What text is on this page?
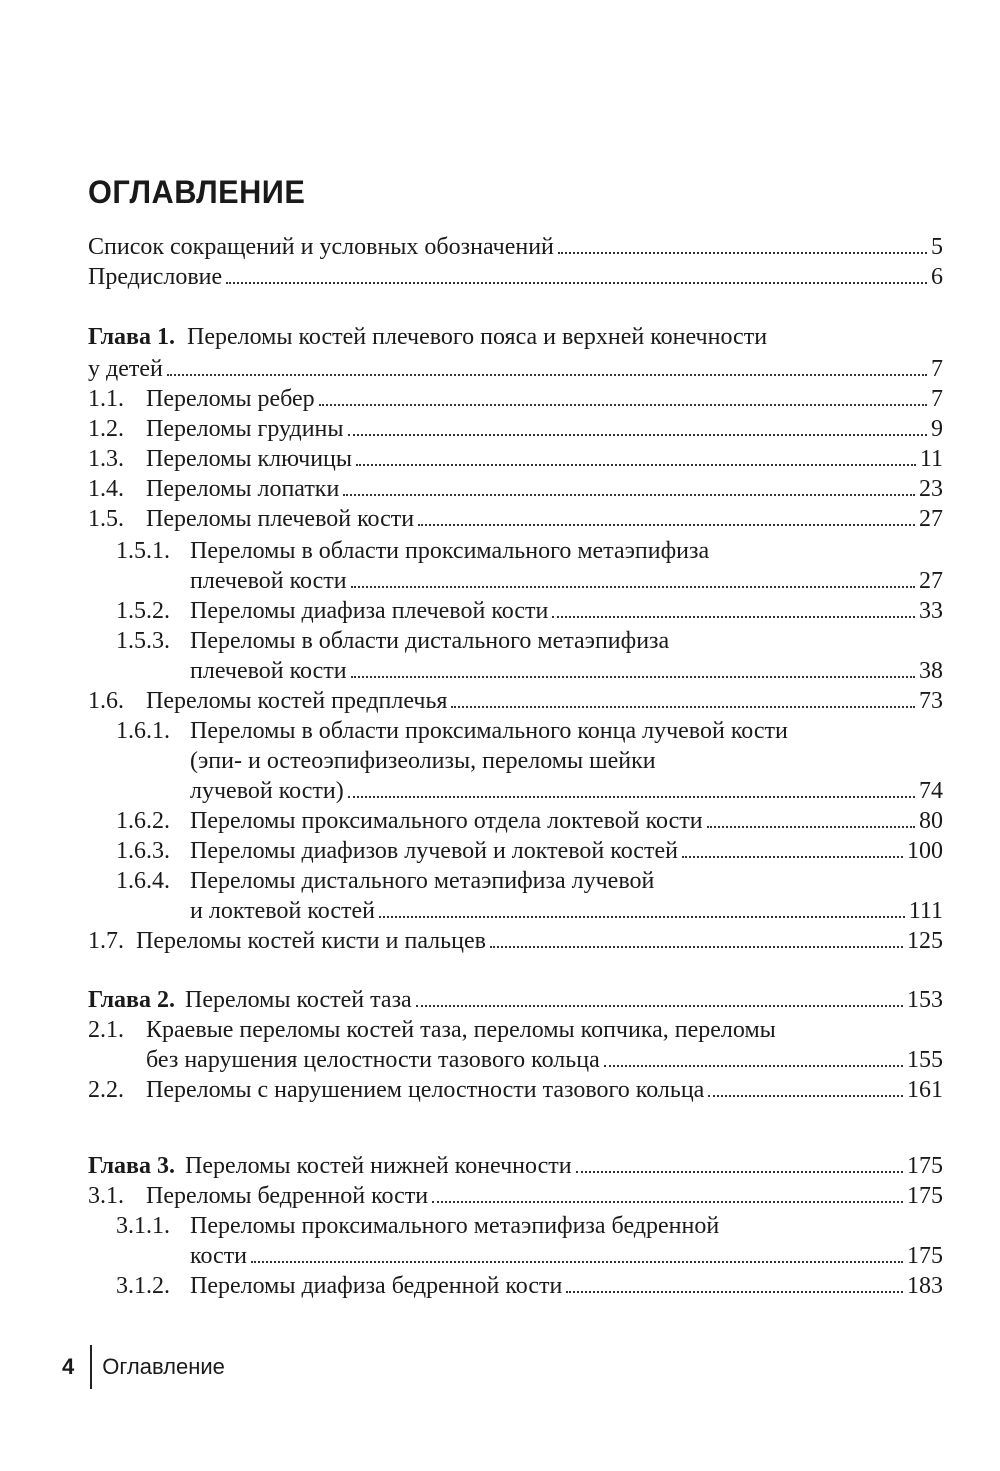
ОГЛАВЛЕНИЕ
Список сокращений и условных обозначений	5
Предисловие	6
Глава 1. Переломы костей плечевого пояса и верхней конечности
у детей	7
1.1. Переломы ребер	7
1.2. Переломы грудины	9
1.3. Переломы ключицы	11
1.4. Переломы лопатки	23
1.5. Переломы плечевой кости	27
1.5.1. Переломы в области проксимального метаэпифиза
плечевой кости	27
1.5.2. Переломы диафиза плечевой кости	33
1.5.3. Переломы в области дистального метаэпифиза
плечевой кости	38
1.6. Переломы костей предплечья	73
1.6.1. Переломы в области проксимального конца лучевой кости
(эпи- и остеоэпифизеолизы, переломы шейки
лучевой кости)	74
1.6.2. Переломы проксимального отдела локтевой кости	80
1.6.3. Переломы диафизов лучевой и локтевой костей	100
1.6.4. Переломы дистального метаэпифиза лучевой
и локтевой костей	111
1.7. Переломы костей кисти и пальцев	125
Глава 2. Переломы костей таза	153
2.1. Краевые переломы костей таза, переломы копчика, переломы
без нарушения целостности тазового кольца	155
2.2. Переломы с нарушением целостности тазового кольца	161
Глава 3. Переломы костей нижней конечности	175
3.1. Переломы бедренной кости	175
3.1.1. Переломы проксимального метаэпифиза бедренной
кости	175
3.1.2. Переломы диафиза бедренной кости	183
4 Оглавление
